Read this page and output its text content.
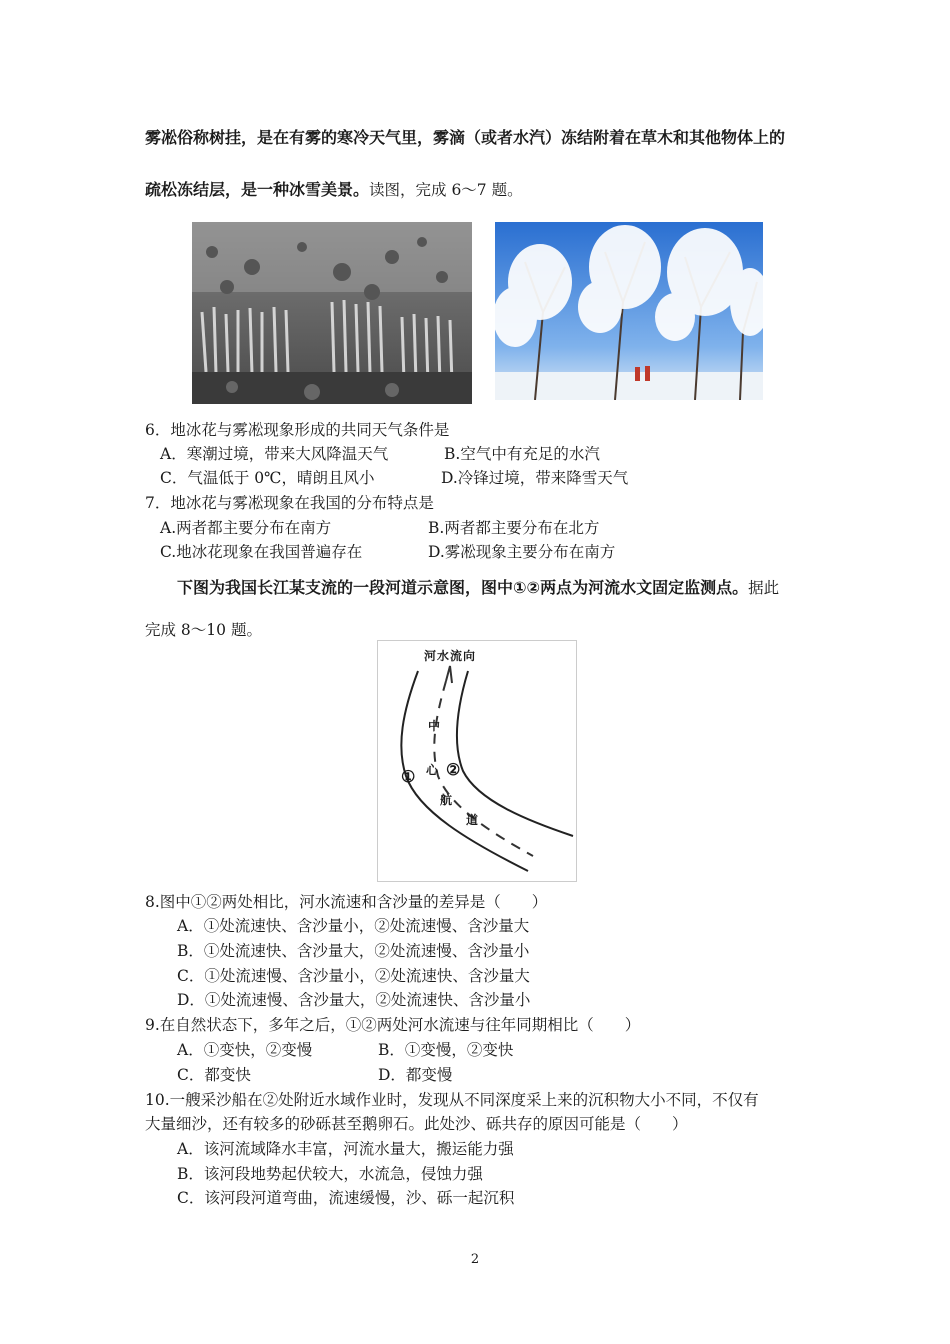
雾凇俗称树挂，是在有雾的寒冷天气里，雾滴（或者水汽）冻结附着在草木和其他物体上的
疏松冻结层，是一种冰雪美景。读图，完成 6～7 题。
6．地冰花与雾凇现象形成的共同天气条件是
A．寒潮过境，带来大风降温天气	B.空气中有充足的水汽
C．气温低于 0℃，晴朗且风小	D.冷锋过境，带来降雪天气
7．地冰花与雾凇现象在我国的分布特点是
A.两者都主要分布在南方	B.两者都主要分布在北方
C.地冰花现象在我国普遍存在	D.雾凇现象主要分布在南方
下图为我国长江某支流的一段河道示意图，图中①②两点为河流水文固定监测点。据此
完成 8～10 题。
河水流向
中
心
航
道
① ②
8.图中①②两处相比，河水流速和含沙量的差异是（　　）
A．①处流速快、含沙量小，②处流速慢、含沙量大
B．①处流速快、含沙量大，②处流速慢、含沙量小
C．①处流速慢、含沙量小，②处流速快、含沙量大
D．①处流速慢、含沙量大，②处流速快、含沙量小
9.在自然状态下，多年之后，①②两处河水流速与往年同期相比（　　）
A．①变快，②变慢	B．①变慢，②变快
C．都变快	D．都变慢
10.一艘采沙船在②处附近水域作业时，发现从不同深度采上来的沉积物大小不同，不仅有
大量细沙，还有较多的砂砾甚至鹅卵石。此处沙、砾共存的原因可能是（　　）
A．该河流域降水丰富，河流水量大，搬运能力强
B．该河段地势起伏较大，水流急，侵蚀力强
C．该河段河道弯曲，流速缓慢，沙、砾一起沉积
2
